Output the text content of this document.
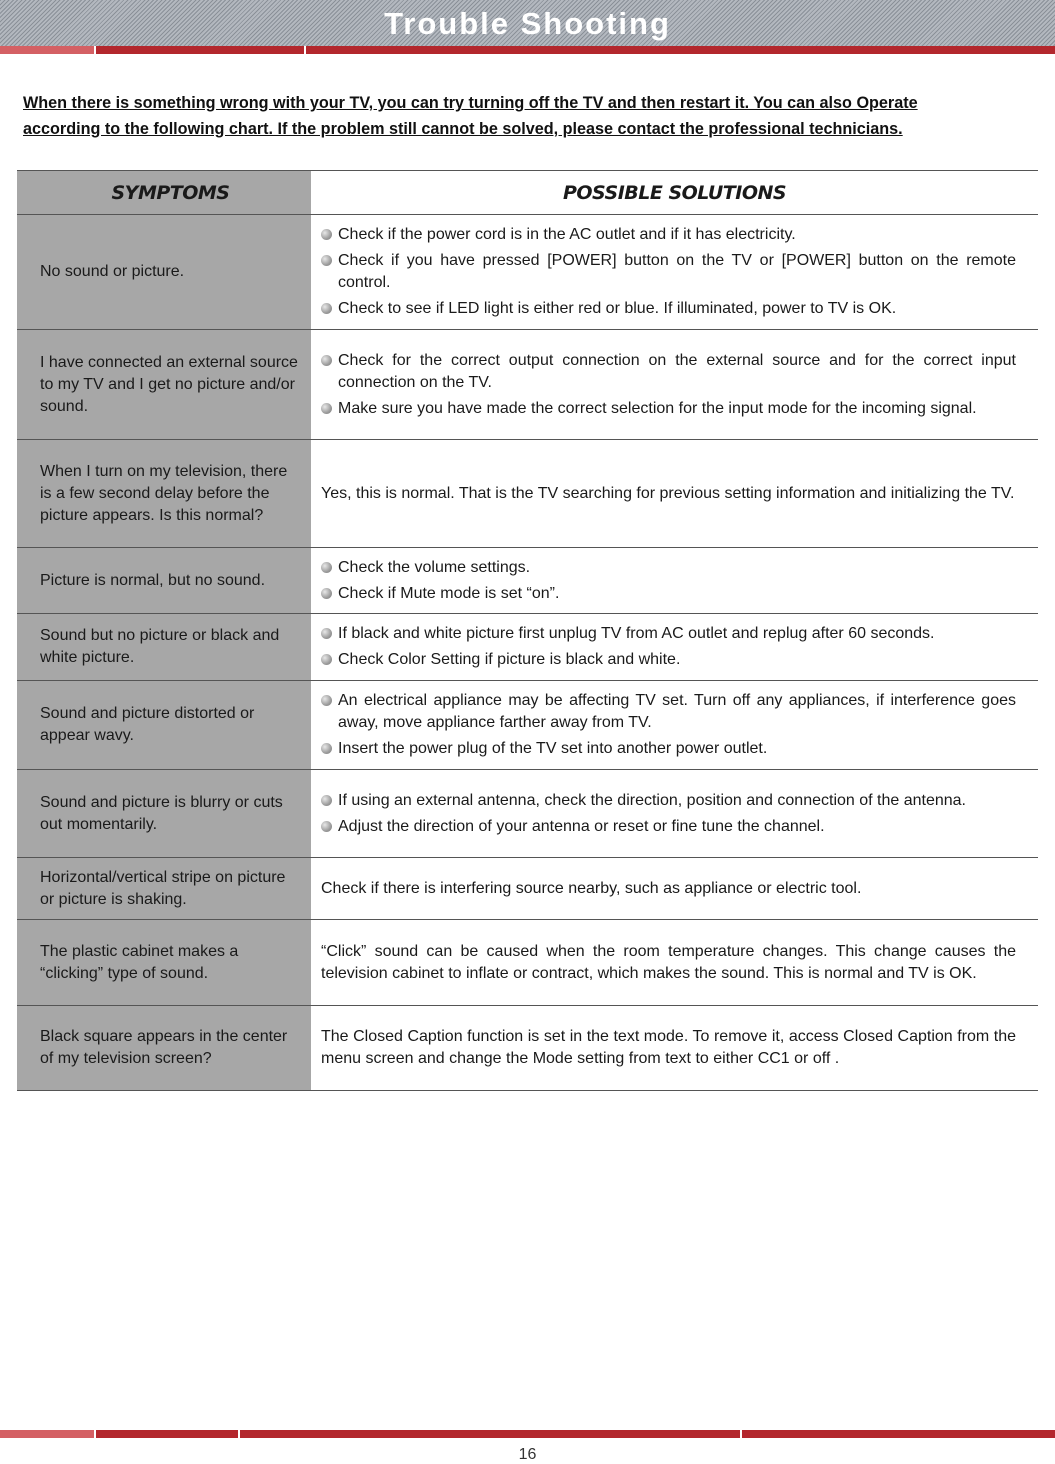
Trouble Shooting
When there is something wrong with your TV, you can try turning off the TV and then restart it. You can also Operate
according to the following chart. If the problem still cannot be solved, please contact the professional technicians.
SYMPTOMS	POSSIBLE SOLUTIONS
No sound or picture.
Check if the power cord is in the AC outlet and if it has electricity.
Check if you have pressed [POWER] button on the TV or [POWER] button on the remote control.
Check to see if LED light is either red or blue. If illuminated, power to TV is OK.
I have connected an external source to my TV and I get no picture and/or sound.
Check for the correct output connection on the external source and for the correct input connection on the TV.
Make sure you have made the correct selection for the input mode for the incoming signal.
When I turn on my television, there is a few second delay before the picture appears. Is this normal?
Yes, this is normal. That is the TV searching for previous setting information and initializing the TV.
Picture is normal, but no sound.
Check the volume settings.
Check if Mute mode is set “on”.
Sound but no picture or black and white picture.
If black and white picture first unplug TV from AC outlet and replug after 60 seconds.
Check Color Setting if picture is black and white.
Sound and picture distorted or appear wavy.
An electrical appliance may be affecting TV set. Turn off any appliances, if interference goes away, move appliance farther away from TV.
Insert the power plug of the TV set into another power outlet.
Sound and picture is blurry or cuts out momentarily.
If using an external antenna, check the direction, position and connection of the antenna.
Adjust the direction of your antenna or reset or fine tune the channel.
Horizontal/vertical stripe on picture or picture is shaking.
Check if there is interfering source nearby, such as appliance or electric tool.
The plastic cabinet makes a “clicking” type of sound.
“Click” sound can be caused when the room temperature changes. This change causes the television cabinet to inflate or contract, which makes the sound. This is normal and TV is OK.
Black square appears in the center of my television screen?
The Closed Caption function is set in the text mode. To remove it, access Closed Caption from the menu screen and change the Mode setting from text to either CC1 or off .
16
